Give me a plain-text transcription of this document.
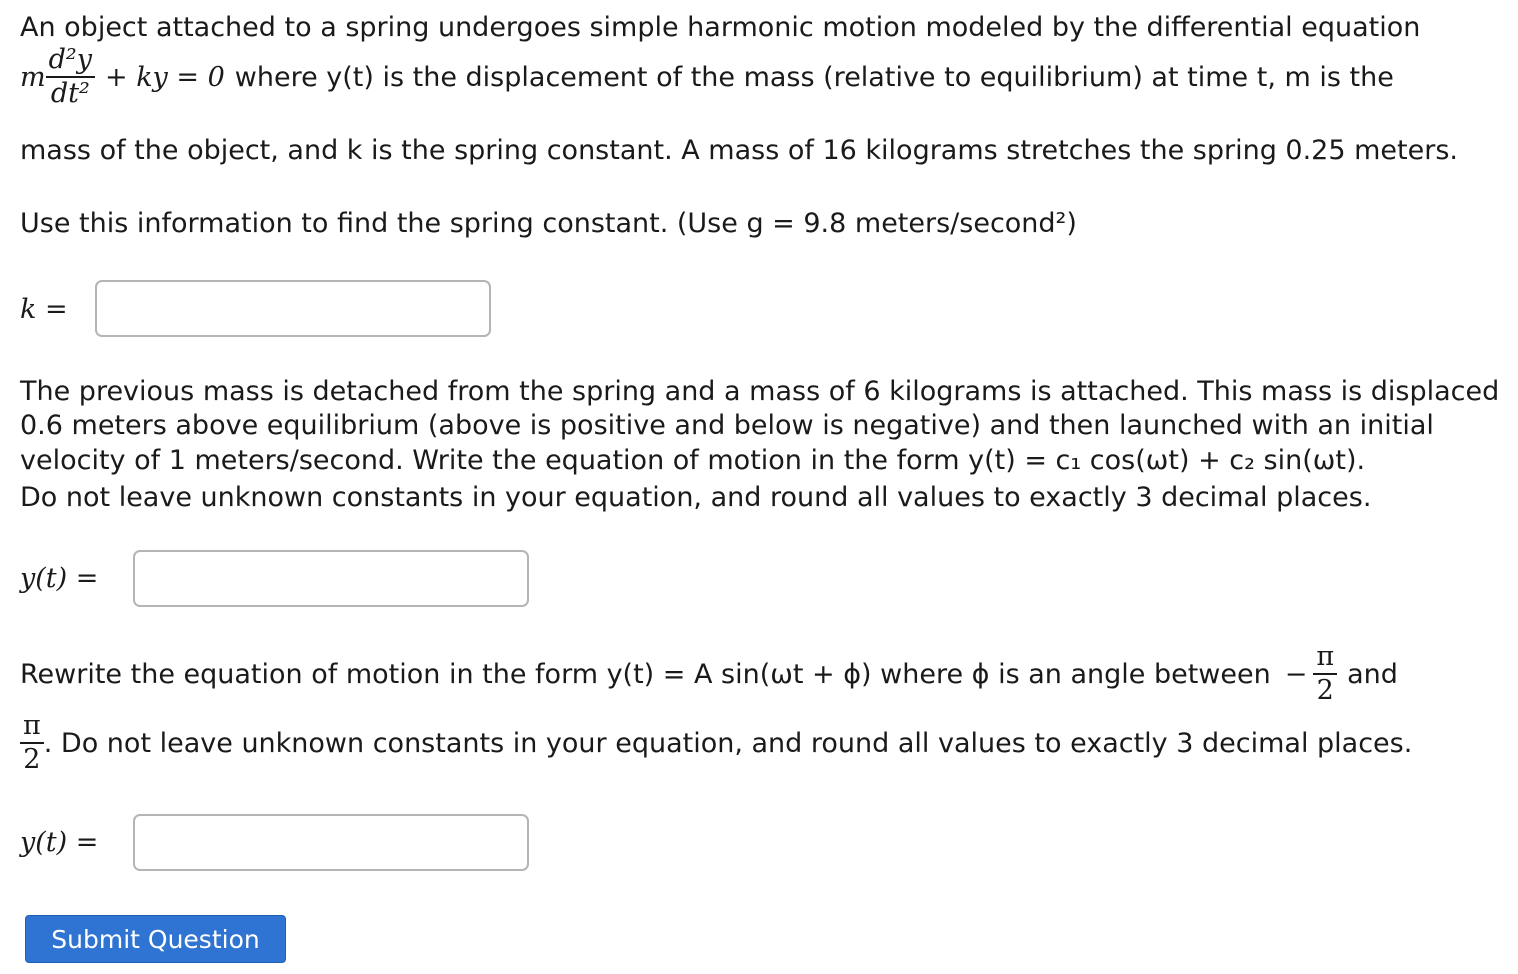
An object attached to a spring undergoes simple harmonic motion modeled by the differential equation
m $\frac{\text{d²y}}{\text{dt²}}$ + ky = 0 where y(t) is the displacement of the mass (relative to equilibrium) at time t, m is the
mass of the object, and k is the spring constant. A mass of 16 kilograms stretches the spring 0.25 meters.
Use this information to find the spring constant. (Use g = 9.8 meters/second²)
k =
The previous mass is detached from the spring and a mass of 6 kilograms is attached. This mass is displaced
0.6 meters above equilibrium (above is positive and below is negative) and then launched with an initial
velocity of 1 meters/second. Write the equation of motion in the form y(t) = c₁ cos(ωt) + c₂ sin(ωt).
Do not leave unknown constants in your equation, and round all values to exactly 3 decimal places.
y(t) =
Rewrite the equation of motion in the form y(t) = A sin(ωt + ϕ) where ϕ is an angle between − $\frac{\pi}{2}$ and
$\frac{\pi}{2}$ . Do not leave unknown constants in your equation, and round all values to exactly 3 decimal places.
y(t) =
Submit Question
